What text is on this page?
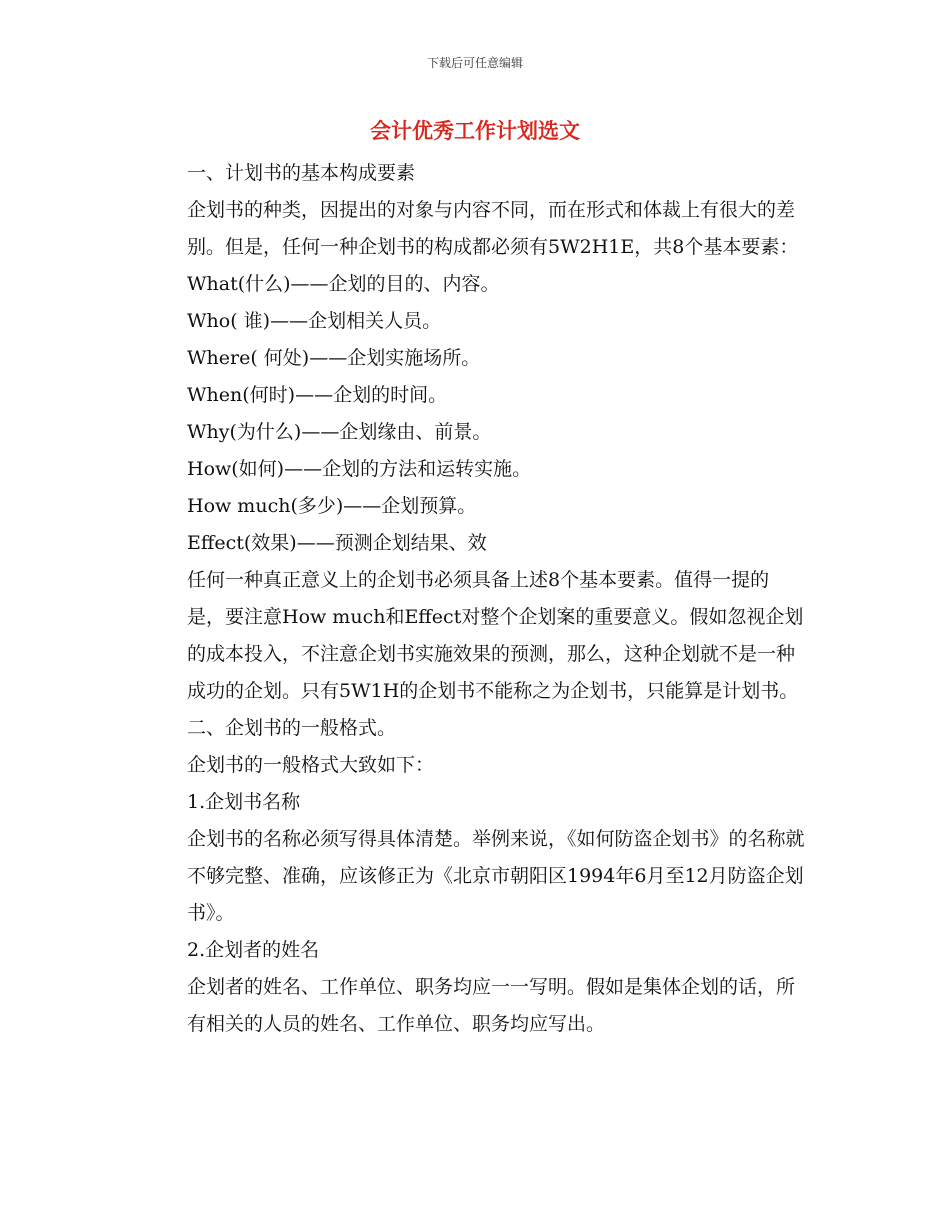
下载后可任意编辑
会计优秀工作计划选文

一、计划书的基本构成要素

企划书的种类，因提出的对象与内容不同，而在形式和体裁上有很大的差别。但是，任何一种企划书的构成都必须有5W2H1E，共8个基本要素：

What(什么)——企划的目的、内容。

Who( 谁)——企划相关人员。

Where( 何处)——企划实施场所。

When(何时)——企划的时间。

Why(为什么)——企划缘由、前景。

How(如何)——企划的方法和运转实施。

How much(多少)——企划预算。

Effect(效果)——预测企划结果、效

任何一种真正意义上的企划书必须具备上述8个基本要素。值得一提的是，要注意How much和Effect对整个企划案的重要意义。假如忽视企划的成本投入，不注意企划书实施效果的预测，那么，这种企划就不是一种成功的企划。只有5W1H的企划书不能称之为企划书，只能算是计划书。

二、企划书的一般格式。

企划书的一般格式大致如下：

1.企划书名称

企划书的名称必须写得具体清楚。举例来说，《如何防盗企划书》的名称就不够完整、准确，应该修正为《北京市朝阳区1994年6月至12月防盗企划书》。

2.企划者的姓名

企划者的姓名、工作单位、职务均应一一写明。假如是集体企划的话，所有相关的人员的姓名、工作单位、职务均应写出。
